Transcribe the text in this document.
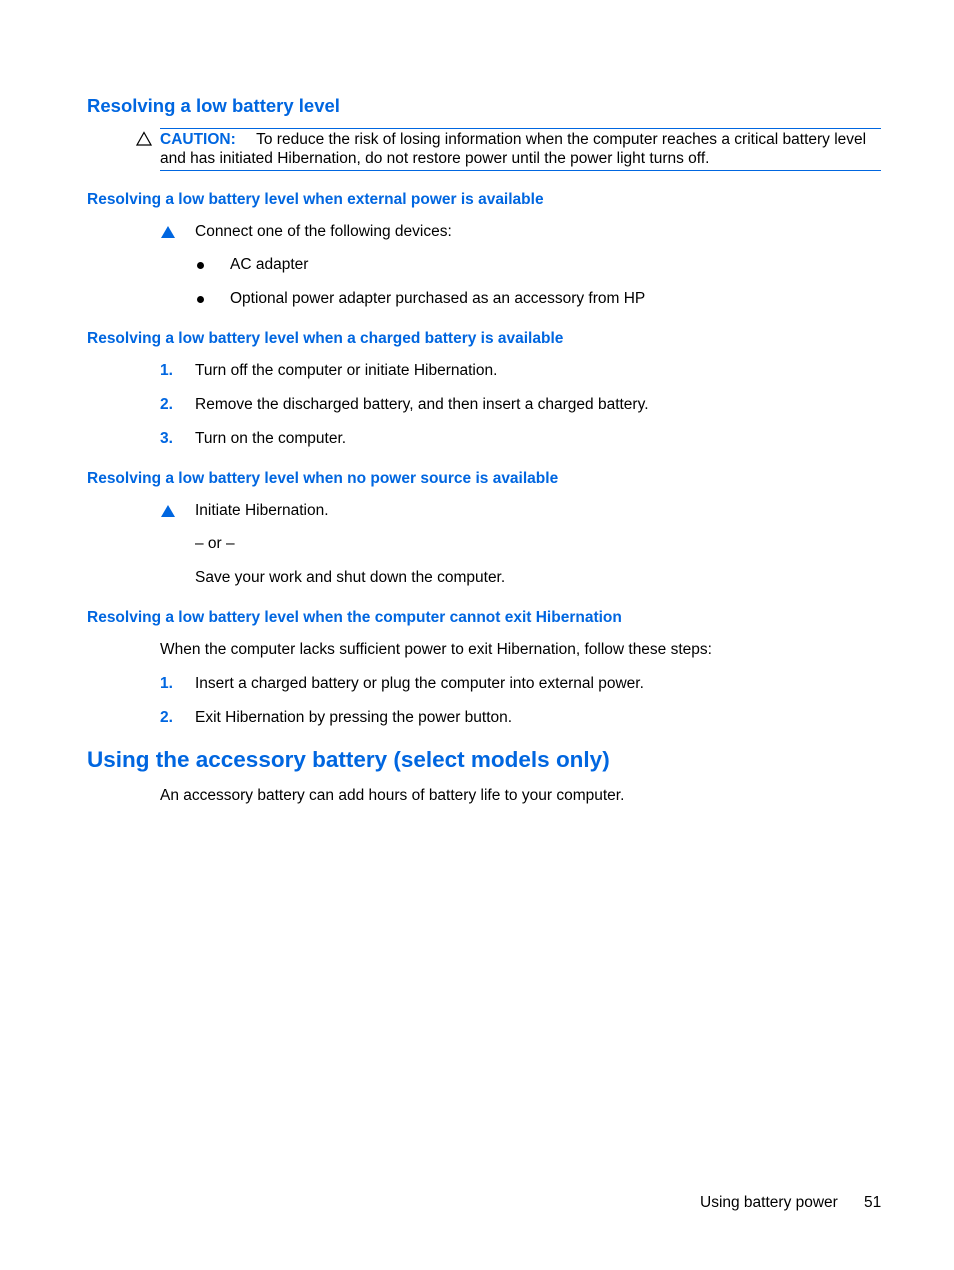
Resolving a low battery level
CAUTION: To reduce the risk of losing information when the computer reaches a critical battery level
and has initiated Hibernation, do not restore power until the power light turns off.
Resolving a low battery level when external power is available
Connect one of the following devices:
AC adapter
Optional power adapter purchased as an accessory from HP
Resolving a low battery level when a charged battery is available
1. Turn off the computer or initiate Hibernation.
2. Remove the discharged battery, and then insert a charged battery.
3. Turn on the computer.
Resolving a low battery level when no power source is available
Initiate Hibernation.
– or –
Save your work and shut down the computer.
Resolving a low battery level when the computer cannot exit Hibernation
When the computer lacks sufficient power to exit Hibernation, follow these steps:
1. Insert a charged battery or plug the computer into external power.
2. Exit Hibernation by pressing the power button.
Using the accessory battery (select models only)
An accessory battery can add hours of battery life to your computer.
Using battery power 51
